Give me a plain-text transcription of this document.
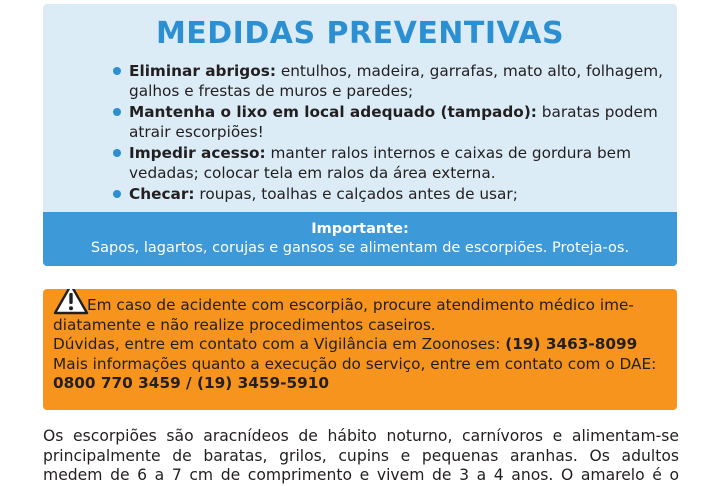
MEDIDAS PREVENTIVAS
Eliminar abrigos: entulhos, madeira, garrafas, mato alto, folhagem, galhos e frestas de muros e paredes;
Mantenha o lixo em local adequado (tampado): baratas podem atrair escorpiões!
Impedir acesso: manter ralos internos e caixas de gordura bem vedadas; colocar tela em ralos da área externa.
Checar: roupas, toalhas e calçados antes de usar;
Importante:
Sapos, lagartos, corujas e gansos se alimentam de escorpiões. Proteja-os.
Em caso de acidente com escorpião, procure atendimento médico ime-
diatamente e não realize procedimentos caseiros.
Dúvidas, entre em contato com a Vigilância em Zoonoses: (19) 3463-8099
Mais informações quanto a execução do serviço, entre em contato com o DAE:
0800 770 3459 / (19) 3459-5910
Os escorpiões são aracnídeos de hábito noturno, carnívoros e alimentam-se
principalmente de baratas, grilos, cupins e pequenas aranhas. Os adultos
medem de 6 a 7 cm de comprimento e vivem de 3 a 4 anos. O amarelo é o
